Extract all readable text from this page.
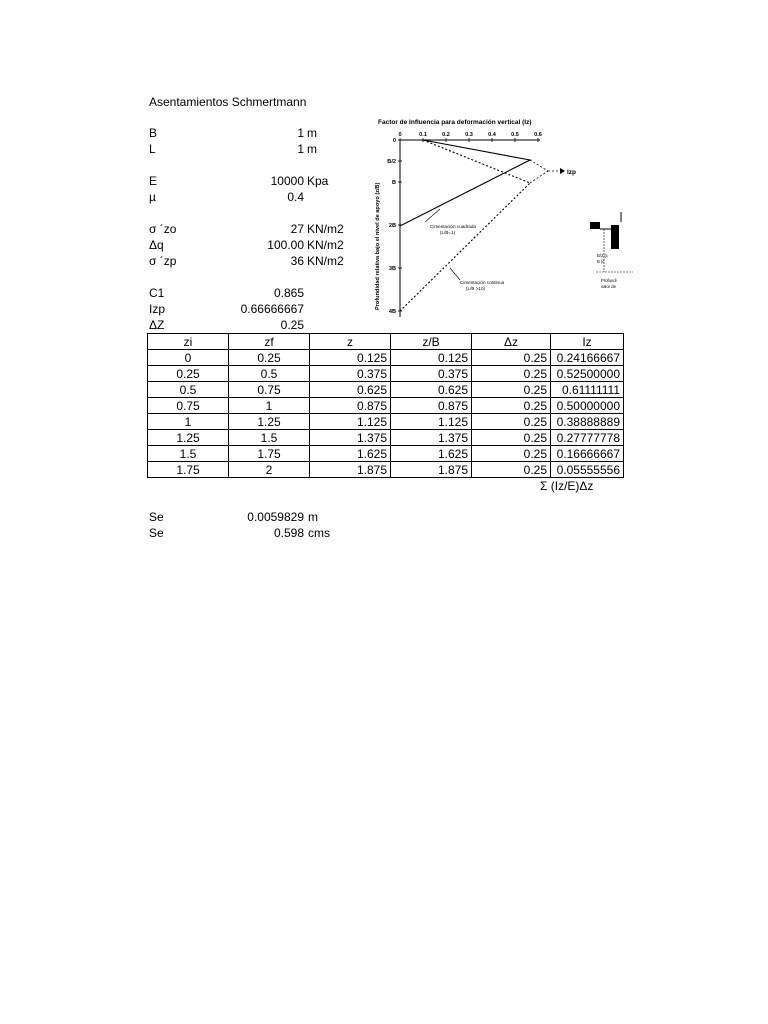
Asentamientos Schmertmann
B	1 m
L	1 m
E	10000 Kpa
µ	0.4
σ ´zo	27 KN/m2
Δq	100.00 KN/m2
σ ´zp	36 KN/m2
C1	0.865
Izp	0.66666667
ΔZ	0.25
zi	zf	z	z/B	Δz	Iz
0	0.25	0.125	0.125	0.25	0.24166667
0.25	0.5	0.375	0.375	0.25	0.52500000
0.5	0.75	0.625	0.625	0.25	0.61111111
0.75	1	0.875	0.875	0.25	0.50000000
1	1.25	1.125	1.125	0.25	0.38888889
1.25	1.5	1.375	1.375	0.25	0.27777778
1.5	1.75	1.625	1.625	0.25	0.16666667
1.75	2	1.875	1.875	0.25	0.05555556
Σ (Iz/E)Δz
Se	0.0059829 m
Se	0.598 cms
Factor de Influencia para deformación vertical (Iz)
0	0.1	0.2	0.3	0.4	0.5	0.6
0
B/2
B
2B
3B
4B
Profundidad relativa bajo el nivel de apoyo (z/B)
Izp
Cimentación cuadrada
(L/B=1)
Cimentación continua
(L/B >10)
B/2 (c
B (c
Profundi
valor de
